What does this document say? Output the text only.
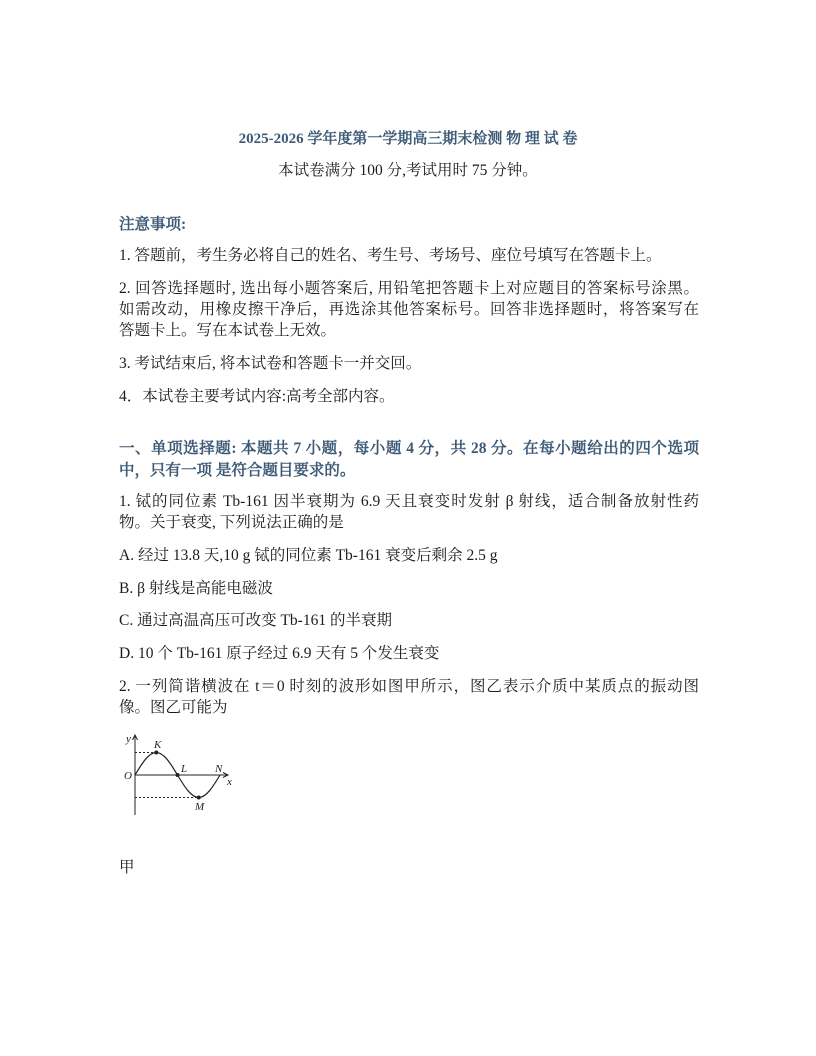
2025-2026 学年度第一学期高三期末检测 物 理 试 卷
本试卷满分 100 分,考试用时 75 分钟。
注意事项:
1. 答题前，考生务必将自己的姓名、考生号、考场号、座位号填写在答题卡上。
2. 回答选择题时, 选出每小题答案后, 用铅笔把答题卡上对应题目的答案标号涂黑。
如需改动，用橡皮擦干净后，再选涂其他答案标号。回答非选择题时，将答案写在
答题卡上。写在本试卷上无效。
3. 考试结束后, 将本试卷和答题卡一并交回。
4．本试卷主要考试内容:高考全部内容。
一、单项选择题: 本题共 7 小题，每小题 4 分，共 28 分。在每小题给出的四个选项
中，只有一项 是符合题目要求的。
1. 铽的同位素 Tb-161 因半衰期为 6.9 天且衰变时发射 β 射线，适合制备放射性药
物。关于衰变, 下列说法正确的是
A. 经过 13.8 天,10 g 铽的同位素 Tb-161 衰变后剩余 2.5 g
B. β 射线是高能电磁波
C. 通过高温高压可改变 Tb-161 的半衰期
D. 10 个 Tb-161 原子经过 6.9 天有 5 个发生衰变
2. 一列简谐横波在 t＝0 时刻的波形如图甲所示，图乙表示介质中某质点的振动图
像。图乙可能为
y K
O
L	N
x
M
甲
